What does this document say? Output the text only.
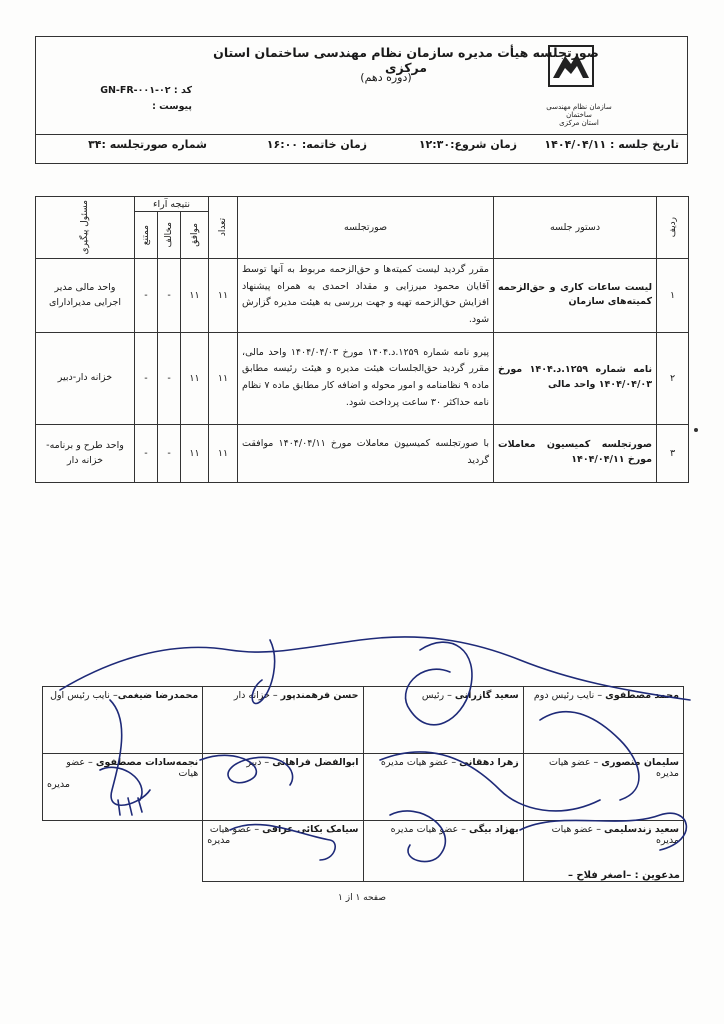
سازمان نظام مهندسی ساختمان
استان مرکزی
صورتجلسه هیأت مدیره سازمان نظام مهندسی ساختمان استان مرکزی
(دوره دهم)
کد : GN-FR-۰۰۱-۰۲
پیوست :
تاریخ جلسه : ۱۴۰۴/۰۴/۱۱
زمان شروع:۱۲:۳۰
زمان خاتمه: ۱۶:۰۰
شماره صورتجلسه :۳۴
ردیف	دستور جلسه	صورتجلسه	تعداد	نتیجه آراء			مسئول پیگیری

				موافق	مخالف	ممتنع	

۱	لیست ساعات کاری و حق‌الزحمه کمیته‌های سازمان	مقرر گردید لیست کمیته‌ها و حق‌الزحمه مربوط به آنها توسط آقایان محمود میرزایی و مقداد احمدی به همراه پیشنهاد افزایش حق‌الزحمه تهیه و جهت بررسی به هیئت مدیره گزارش شود.	۱۱	۱۱	-	-	واحد مالی مدیر اجرایی مدیرادارای
۲	نامه شماره ۱۲۵۹.د.۱۴۰۴ مورخ ۱۴۰۴/۰۴/۰۳ واحد مالی	پیرو نامه شماره ۱۲۵۹.د.۱۴۰۴ مورخ ۱۴۰۴/۰۴/۰۳ واحد مالی، مقرر گردید حق‌الجلسات هیئت مدیره و هیئت رئیسه مطابق ماده ۹ نظامنامه و امور محوله و اضافه کار مطابق ماده ۷ نظام نامه حداکثر ۳۰ ساعت پرداخت شود.	۱۱	۱۱	-	-	خزانه دار-دبیر
۳	صورتجلسه کمیسیون معاملات مورخ ۱۴۰۴/۰۴/۱۱	با صورتجلسه کمیسیون معاملات مورخ ۱۴۰۴/۰۴/۱۱ موافقت گردید	۱۱	۱۱	-	-	واحد طرح و برنامه-خزانه دار
محمد مصطفوی – نایب رئیس دوم	سعید گازرانی – رئیس	حسن فرهمندپور – خزانه دار	محمدرضا ضیغمی– نایب رئیس اول

سلیمان منصوری – عضو هیات مدیره	زهرا دهقانی – عضو هیات مدیره	ابوالفضل فراهانی – دبیر	نجمه‌سادات مصطفوی – عضو هیات
مدیره

سعید زندسلیمی – عضو هیات مدیره	بهزاد بیگی – عضو هیات مدیره	سیامک بکائی عراقی – عضو هیات
مدیره	

مدعوین : –اصغر فلاح –
صفحه ۱ از ۱
